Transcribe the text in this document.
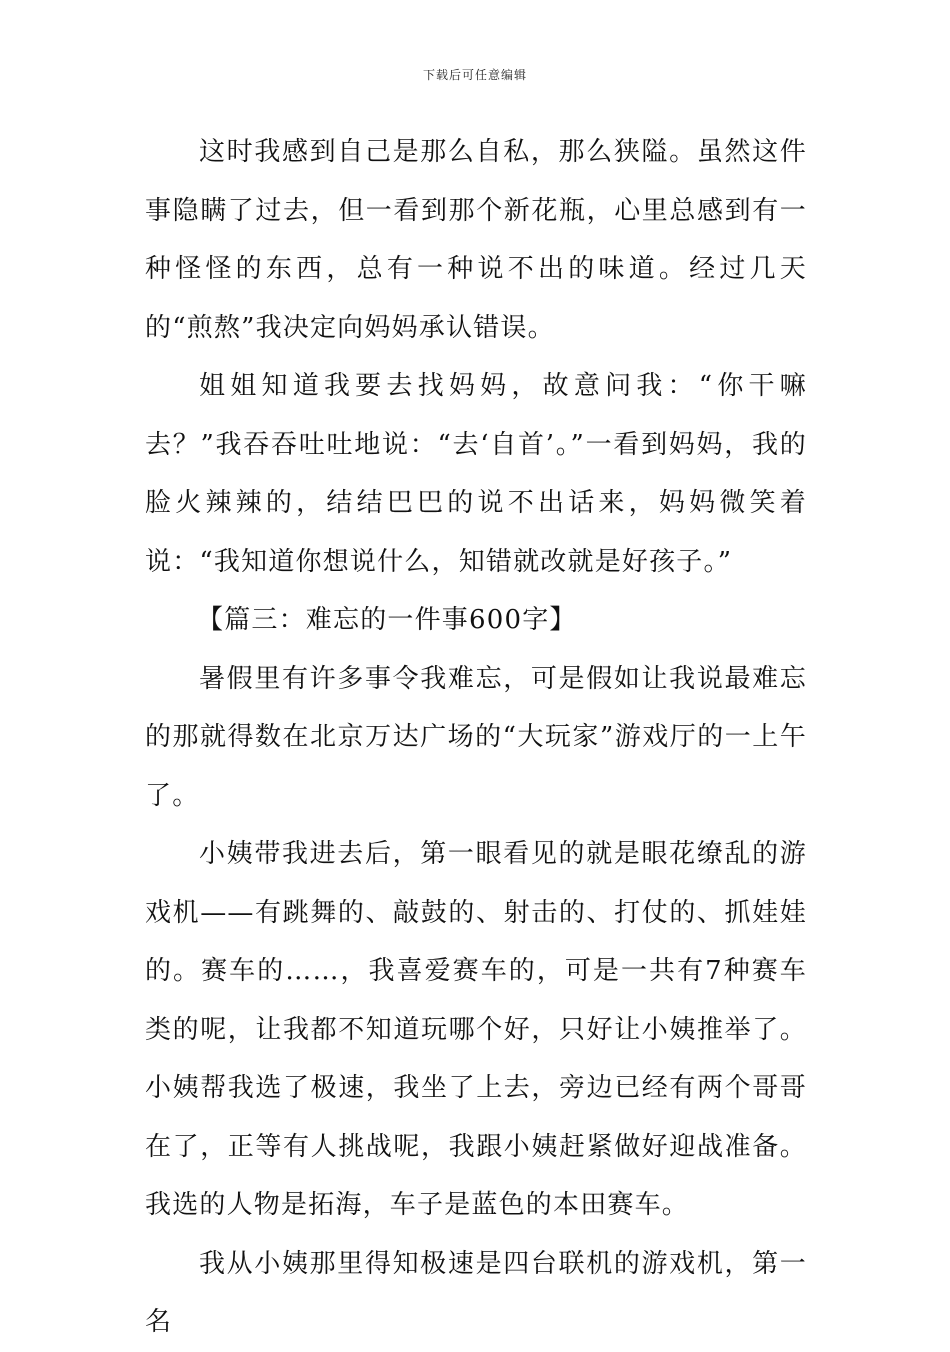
下载后可任意编辑

这时我感到自己是那么自私，那么狭隘。虽然这件事隐瞒了过去，但一看到那个新花瓶，心里总感到有一种怪怪的东西，总有一种说不出的味道。经过几天的“煎熬”我决定向妈妈承认错误。

姐姐知道我要去找妈妈，故意问我：“你干嘛去？”我吞吞吐吐地说：“去‘自首’。”一看到妈妈，我的脸火辣辣的，结结巴巴的说不出话来，妈妈微笑着说：“我知道你想说什么，知错就改就是好孩子。”

【篇三：难忘的一件事600字】

暑假里有许多事令我难忘，可是假如让我说最难忘的那就得数在北京万达广场的“大玩家”游戏厅的一上午了。

小姨带我进去后，第一眼看见的就是眼花缭乱的游戏机——有跳舞的、敲鼓的、射击的、打仗的、抓娃娃的。赛车的……，我喜爱赛车的，可是一共有7种赛车类的呢，让我都不知道玩哪个好，只好让小姨推举了。小姨帮我选了极速，我坐了上去，旁边已经有两个哥哥在了，正等有人挑战呢，我跟小姨赶紧做好迎战准备。我选的人物是拓海，车子是蓝色的本田赛车。

我从小姨那里得知极速是四台联机的游戏机，第一名
